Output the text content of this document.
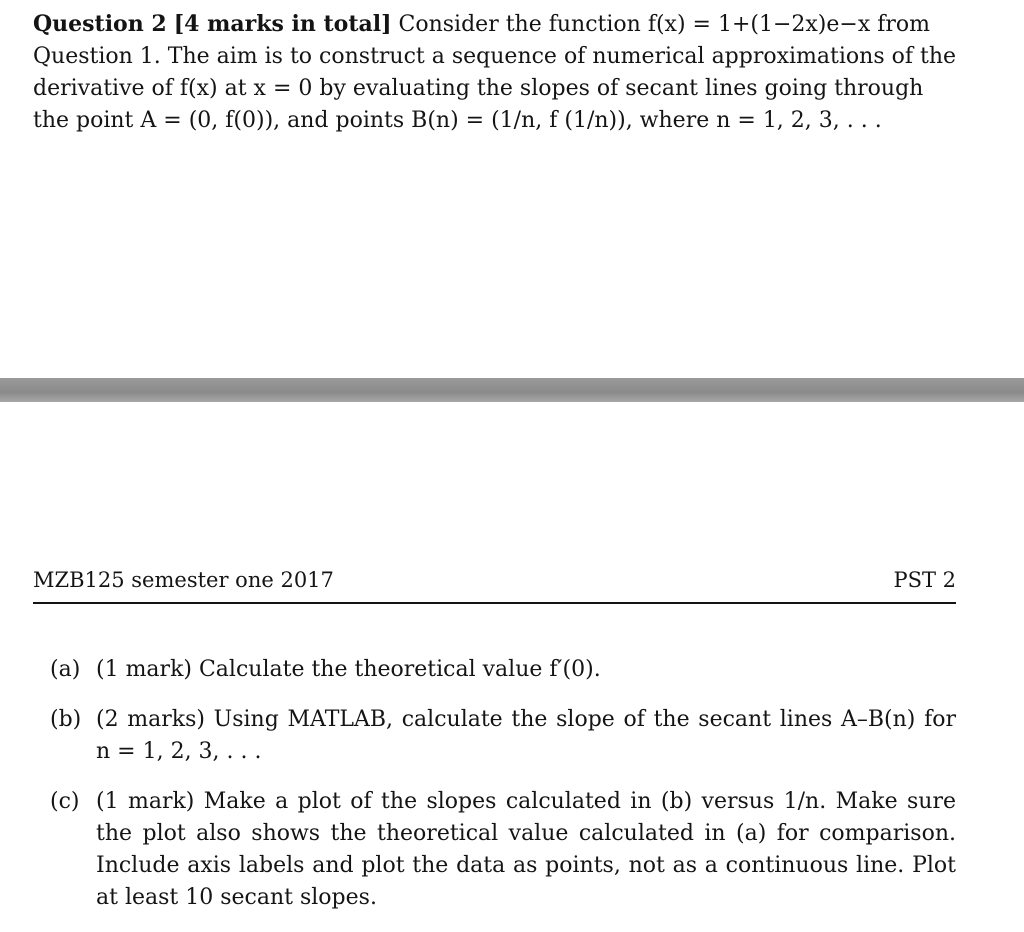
Question 2 [4 marks in total] Consider the function f(x) = 1+(1−2x)e−x from

Question 1. The aim is to construct a sequence of numerical approximations of the

derivative of f(x) at x = 0 by evaluating the slopes of secant lines going through

the point A = (0, f(0)), and points B(n) = (1/n, f (1/n)), where n = 1, 2, 3, . . .

MZB125 semester one 2017	PST 2
(a) (1 mark) Calculate the theoretical value f′(0).
(b) (2 marks) Using MATLAB, calculate the slope of the secant lines A–B(n) for n = 1, 2, 3, . . .
(c) (1 mark) Make a plot of the slopes calculated in (b) versus 1/n. Make sure the plot also shows the theoretical value calculated in (a) for comparison. Include axis labels and plot the data as points, not as a continuous line. Plot at least 10 secant slopes.
